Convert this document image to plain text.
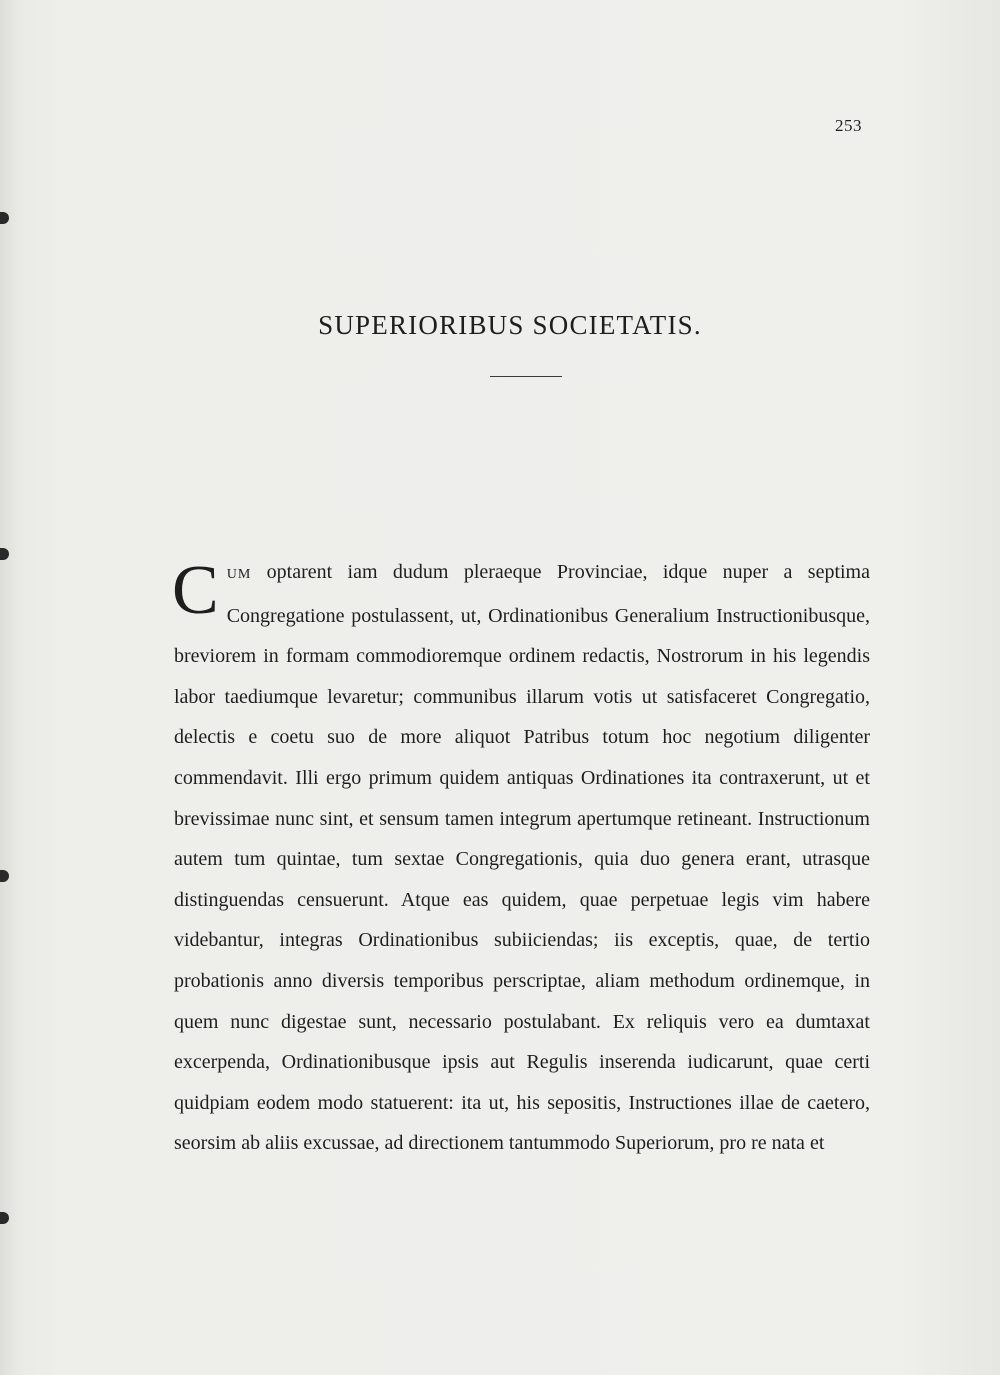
253
SUPERIORIBUS SOCIETATIS.

CUM optarent iam dudum pleraeque Provinciae, idque nuper a septima Congregatione postulassent, ut, Ordinationibus Generalium Instructionibusque, breviorem in formam commodioremque ordinem redactis, Nostrorum in his legendis labor taediumque levaretur; communibus illarum votis ut satisfaceret Congregatio, delectis e coetu suo de more aliquot Patribus totum hoc negotium diligenter commendavit. Illi ergo primum quidem antiquas Ordinationes ita contraxerunt, ut et brevissimae nunc sint, et sensum tamen integrum apertumque retineant. Instructionum autem tum quintae, tum sextae Congregationis, quia duo genera erant, utrasque distinguendas censuerunt. Atque eas quidem, quae perpetuae legis vim habere videbantur, integras Ordinationibus subiiciendas; iis exceptis, quae, de tertio probationis anno diversis temporibus perscriptae, aliam methodum ordinemque, in quem nunc digestae sunt, necessario postulabant. Ex reliquis vero ea dumtaxat excerpenda, Ordinationibusque ipsis aut Regulis inserenda iudicarunt, quae certi quidpiam eodem modo statuerent: ita ut, his sepositis, Instructiones illae de caetero, seorsim ab aliis excussae, ad directionem tantummodo Superiorum, pro re nata et
